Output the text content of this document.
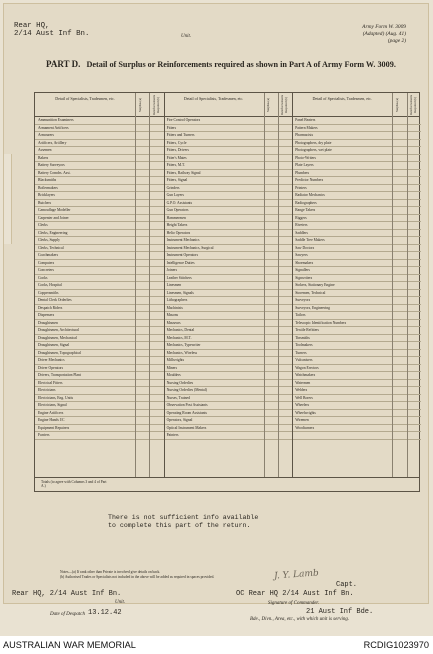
Rear HQ,
2/14 Aust Inf Bn.	Unit.
Army Form W. 3009
(Adapted) (Aug. 41)
(page 2)
PART D. Detail of Surplus or Reinforcements required as shown in Part A of Army Form W. 3009.
Detail of Specialists, Tradesmen, etc.	Surplus (a)	Reinforcements Required (b)
Ammunition Examiners
Armament Artificers
Armourers
Artificers, Artillery
Assemen
Bakers
Battery Surveyors
Battery Comdrs. Asst.
Blacksmiths
Boilermakers
Bricklayers
Butchers
Camouflage Modeller
Carpenter and Joiner
Clerks
Clerks, Engineering
Clerks, Supply
Clerks, Technical
Coachmakers
Computers
Concreters
Cooks
Cooks, Hospital
Coppersmiths
Dental Clerk Orderlies
Despatch Riders
Dispensers
Draughtsmen
Draughtsmen, Architectural
Draughtsmen, Mechanical
Draughtsmen, Signal
Draughtsmen, Topographical
Driver Mechanics
Driver Operators
Drivers, Transportation Plant
Electrical Fitters
Electricians
Electricians, Eng. Units
Electricians, Signal
Engine Artificers
Engine Hands I/C
Equipment Repairers
Farriers
Detail of Specialists, Tradesmen, etc.	Surplus (a)	Reinforcements Required (b)
Fire Control Operators
Fitters
Fitters and Turners
Fitters, Cycle
Fitters, Drivers
Fitter's Mates
Fitters, M.T.
Fitters, Railway Signal
Fitters, Signal
Grinders
Gun Layers
G.P.O. Assistants
Gun Operators
Hammermen
Height Takers
Helio Operators
Instrument Mechanics
Instrument Mechanics, Surgical
Instrument Operators
Intelligence Duties
Joiners
Leather Stitchers
Linesmen
Linesmen, Signals
Lithographers
Machinists
Masons
Masseurs
Mechanics, Dental
Mechanics, M.T.
Mechanics, Typewriter
Mechanics, Wireless
Millwrights
Miners
Moulders
Nursing Orderlies
Nursing Orderlies (Mental)
Nurses, Trained
Observation Post Assistants
Operating Room Assistants
Operators, Signal
Optical Instrument Makers
Painters
Detail of Specialists, Tradesmen, etc.	Surplus (a)	Reinforcements Required (b)
Panel Beaters
Pattern Makers
Pharmacists
Photographers, dry plate
Photographers, wet plate
Photo-Writers
Plate Layers
Plumbers
Predictor Numbers
Printers
Radiator Mechanics
Radiographers
Range Takers
Riggers
Riveters
Saddlers
Saddle Tree Makers
Saw Doctors
Sawyers
Shoemakers
Signallers
Signwriters
Stokers, Stationary Engine
Storemen, Technical
Surveyors
Surveyors, Engineering
Tailors
Telescopic Identification Numbers
Textile Refitters
Tinsmiths
Toolmakers
Turners
Vulcanisers
Wagon Erectors
Watchmakers
Watermen
Welders
Well Borers
Wheelers
Wheelwrights
Wiremen
Woodturners
Totals (to agree with Columns 3 and 4 of Part A.)
There is not sufficient info available
to complete this part of the return.
Notes—(a) If rank other than Private is involved give details on back.
(b) Authorised Trades or Specialists not included in the above will be added as required in spaces provided.	J. Y. Lamb
Capt.
Rear HQ, 2/14 Aust Inf Bn.
Unit.
Date of Despatch 13.12.42
OC Rear HQ 2/14 Aust Inf Bn.
Signature of Commander.
21 Aust Inf Bde.
Bde., Divn., Area, etc., with which unit is serving.
AUSTRALIAN WAR MEMORIAL	RCDIG1023970
